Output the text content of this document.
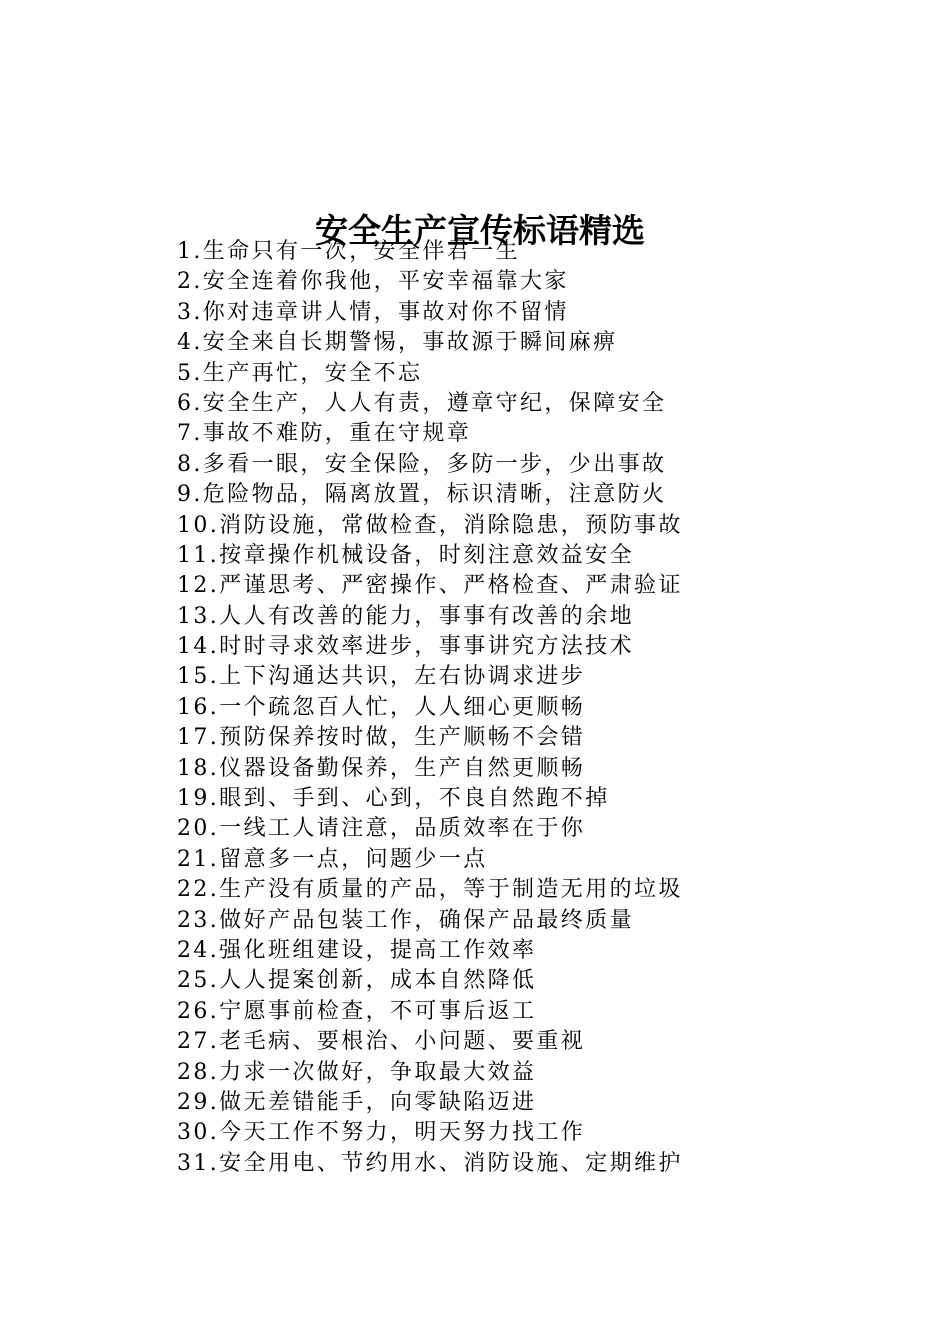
安全生产宣传标语精选
1.生命只有一次，安全伴君一生
2.安全连着你我他，平安幸福靠大家
3.你对违章讲人情，事故对你不留情
4.安全来自长期警惕，事故源于瞬间麻痹
5.生产再忙，安全不忘
6.安全生产，人人有责，遵章守纪，保障安全
7.事故不难防，重在守规章
8.多看一眼，安全保险，多防一步，少出事故
9.危险物品，隔离放置，标识清晰，注意防火
10.消防设施，常做检查，消除隐患，预防事故
11.按章操作机械设备，时刻注意效益安全
12.严谨思考、严密操作、严格检查、严肃验证
13.人人有改善的能力，事事有改善的余地
14.时时寻求效率进步，事事讲究方法技术
15.上下沟通达共识，左右协调求进步
16.一个疏忽百人忙，人人细心更顺畅
17.预防保养按时做，生产顺畅不会错
18.仪器设备勤保养，生产自然更顺畅
19.眼到、手到、心到，不良自然跑不掉
20.一线工人请注意，品质效率在于你
21.留意多一点，问题少一点
22.生产没有质量的产品，等于制造无用的垃圾
23.做好产品包装工作，确保产品最终质量
24.强化班组建设，提高工作效率
25.人人提案创新，成本自然降低
26.宁愿事前检查，不可事后返工
27.老毛病、要根治、小问题、要重视
28.力求一次做好，争取最大效益
29.做无差错能手，向零缺陷迈进
30.今天工作不努力，明天努力找工作
31.安全用电、节约用水、消防设施、定期维护
